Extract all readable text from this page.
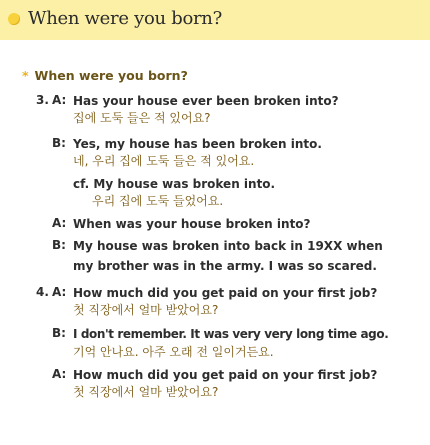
When were you born?
* When were you born?
3. A: Has your house ever been broken into?
집에 도둑 들은 적 있어요?
B: Yes, my house has been broken into.
네, 우리 집에 도둑 들은 적 있어요.
cf. My house was broken into.
우리 집에 도둑 들었어요.
A: When was your house broken into?
B: My house was broken into back in 19XX when
my brother was in the army. I was so scared.
4. A: How much did you get paid on your first job?
첫 직장에서 얼마 받았어요?
B: I don't remember. It was very very long time ago.
기억 안나요. 아주 오래 전 일이거든요.
A: How much did you get paid on your first job?
첫 직장에서 얼마 받았어요?
